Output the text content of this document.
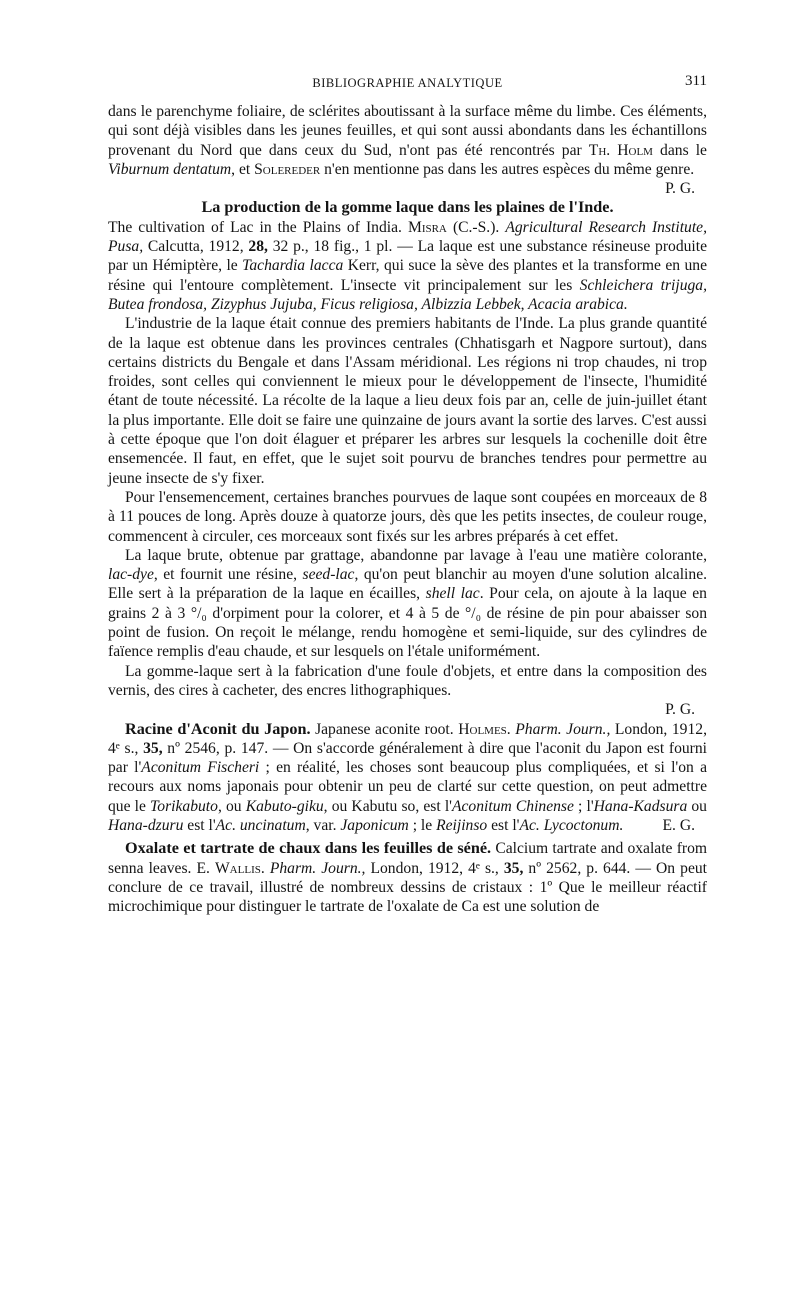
BIBLIOGRAPHIE ANALYTIQUE	311

dans le parenchyme foliaire, de sclérites aboutissant à la surface même du limbe. Ces éléments, qui sont déjà visibles dans les jeunes feuilles, et qui sont aussi abondants dans les échantillons provenant du Nord que dans ceux du Sud, n'ont pas été rencontrés par Th. Holm dans le Viburnum dentatum, et Solereder n'en mentionne pas dans les autres espèces du même genre.

P. G.

La production de la gomme laque dans les plaines de l'Inde.

The cultivation of Lac in the Plains of India. Misra (C.-S.). Agricultural Research Institute, Pusa, Calcutta, 1912, 28, 32 p., 18 fig., 1 pl. — La laque est une substance résineuse produite par un Hémiptère, le Tachardia lacca Kerr, qui suce la sève des plantes et la transforme en une résine qui l'entoure complètement. L'insecte vit principalement sur les Schleichera trijuga, Butea frondosa, Zizyphus Jujuba, Ficus religiosa, Albizzia Lebbek, Acacia arabica.

L'industrie de la laque était connue des premiers habitants de l'Inde. La plus grande quantité de la laque est obtenue dans les provinces centrales (Chhatisgarh et Nagpore surtout), dans certains districts du Bengale et dans l'Assam méridional. Les régions ni trop chaudes, ni trop froides, sont celles qui conviennent le mieux pour le développement de l'insecte, l'humidité étant de toute nécessité. La récolte de la laque a lieu deux fois par an, celle de juin-juillet étant la plus importante. Elle doit se faire une quinzaine de jours avant la sortie des larves. C'est aussi à cette époque que l'on doit élaguer et préparer les arbres sur lesquels la cochenille doit être ensemencée. Il faut, en effet, que le sujet soit pourvu de branches tendres pour permettre au jeune insecte de s'y fixer.

Pour l'ensemencement, certaines branches pourvues de laque sont coupées en morceaux de 8 à 11 pouces de long. Après douze à quatorze jours, dès que les petits insectes, de couleur rouge, commencent à circuler, ces morceaux sont fixés sur les arbres préparés à cet effet.

La laque brute, obtenue par grattage, abandonne par lavage à l'eau une matière colorante, lac-dye, et fournit une résine, seed-lac, qu'on peut blanchir au moyen d'une solution alcaline. Elle sert à la préparation de la laque en écailles, shell lac. Pour cela, on ajoute à la laque en grains 2 à 3 °/₀ d'orpiment pour la colorer, et 4 à 5 de °/₀ de résine de pin pour abaisser son point de fusion. On reçoit le mélange, rendu homogène et semi-liquide, sur des cylindres de faïence remplis d'eau chaude, et sur lesquels on l'étale uniformément.

La gomme-laque sert à la fabrication d'une foule d'objets, et entre dans la composition des vernis, des cires à cacheter, des encres lithographiques.

P. G.

Racine d'Aconit du Japon. Japanese aconite root. Holmes. Pharm. Journ., London, 1912, 4ᵉ s., 35, nº 2546, p. 147. — On s'accorde généralement à dire que l'aconit du Japon est fourni par l'Aconitum Fischeri ; en réalité, les choses sont beaucoup plus compliquées, et si l'on a recours aux noms japonais pour obtenir un peu de clarté sur cette question, on peut admettre que le Torikabuto, ou Kabuto-giku, ou Kabutu so, est l'Aconitum Chinense ; l'Hana-Kadsura ou Hana-dzuru est l'Ac. uncinatum, var. Japonicum ; le Reijinso est l'Ac. Lycoctonum.	E. G.

Oxalate et tartrate de chaux dans les feuilles de séné. Calcium tartrate and oxalate from senna leaves. E. Wallis. Pharm. Journ., London, 1912, 4ᵉ s., 35, nº 2562, p. 644. — On peut conclure de ce travail, illustré de nombreux dessins de cristaux : 1º Que le meilleur réactif microchimique pour distinguer le tartrate de l'oxalate de Ca est une solution de
